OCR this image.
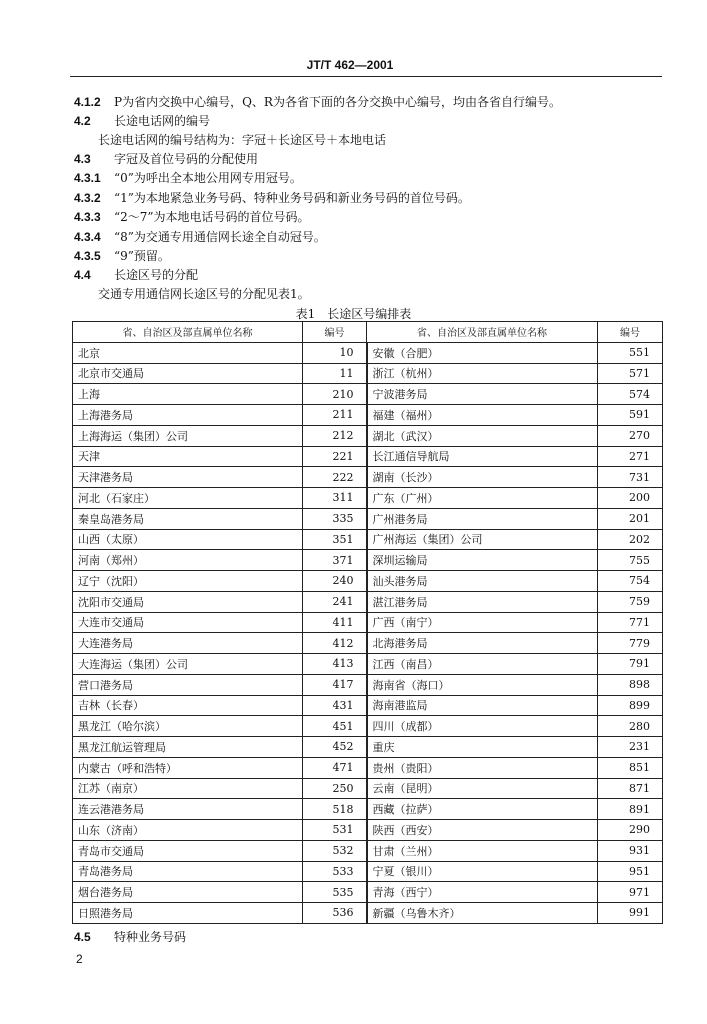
JT/T 462—2001
4.1.2 P为省内交换中心编号，Q、R为各省下面的各分交换中心编号，均由各省自行编号。
4.2 长途电话网的编号
长途电话网的编号结构为：字冠＋长途区号＋本地电话
4.3 字冠及首位号码的分配使用
4.3.1 “0”为呼出全本地公用网专用冠号。
4.3.2 “1”为本地紧急业务号码、特种业务号码和新业务号码的首位号码。
4.3.3 “2～7”为本地电话号码的首位号码。
4.3.4 “8”为交通专用通信网长途全自动冠号。
4.3.5 “9”预留。
4.4 长途区号的分配
交通专用通信网长途区号的分配见表1。
表1　长途区号编排表
省、自治区及部直属单位名称	编号	省、自治区及部直属单位名称	编号
北京	10	安徽（合肥）	551
北京市交通局	11	浙江（杭州）	571
上海	210	宁波港务局	574
上海港务局	211	福建（福州）	591
上海海运（集团）公司	212	湖北（武汉）	270
天津	221	长江通信导航局	271
天津港务局	222	湖南（长沙）	731
河北（石家庄）	311	广东（广州）	200
秦皇岛港务局	335	广州港务局	201
山西（太原）	351	广州海运（集团）公司	202
河南（郑州）	371	深圳运输局	755
辽宁（沈阳）	240	汕头港务局	754
沈阳市交通局	241	湛江港务局	759
大连市交通局	411	广西（南宁）	771
大连港务局	412	北海港务局	779
大连海运（集团）公司	413	江西（南昌）	791
营口港务局	417	海南省（海口）	898
吉林（长春）	431	海南港监局	899
黑龙江（哈尔滨）	451	四川（成都）	280
黑龙江航运管理局	452	重庆	231
内蒙古（呼和浩特）	471	贵州（贵阳）	851
江苏（南京）	250	云南（昆明）	871
连云港港务局	518	西藏（拉萨）	891
山东（济南）	531	陕西（西安）	290
青岛市交通局	532	甘肃（兰州）	931
青岛港务局	533	宁夏（银川）	951
烟台港务局	535	青海（西宁）	971
日照港务局	536	新疆（乌鲁木齐）	991
4.5 特种业务号码
2
